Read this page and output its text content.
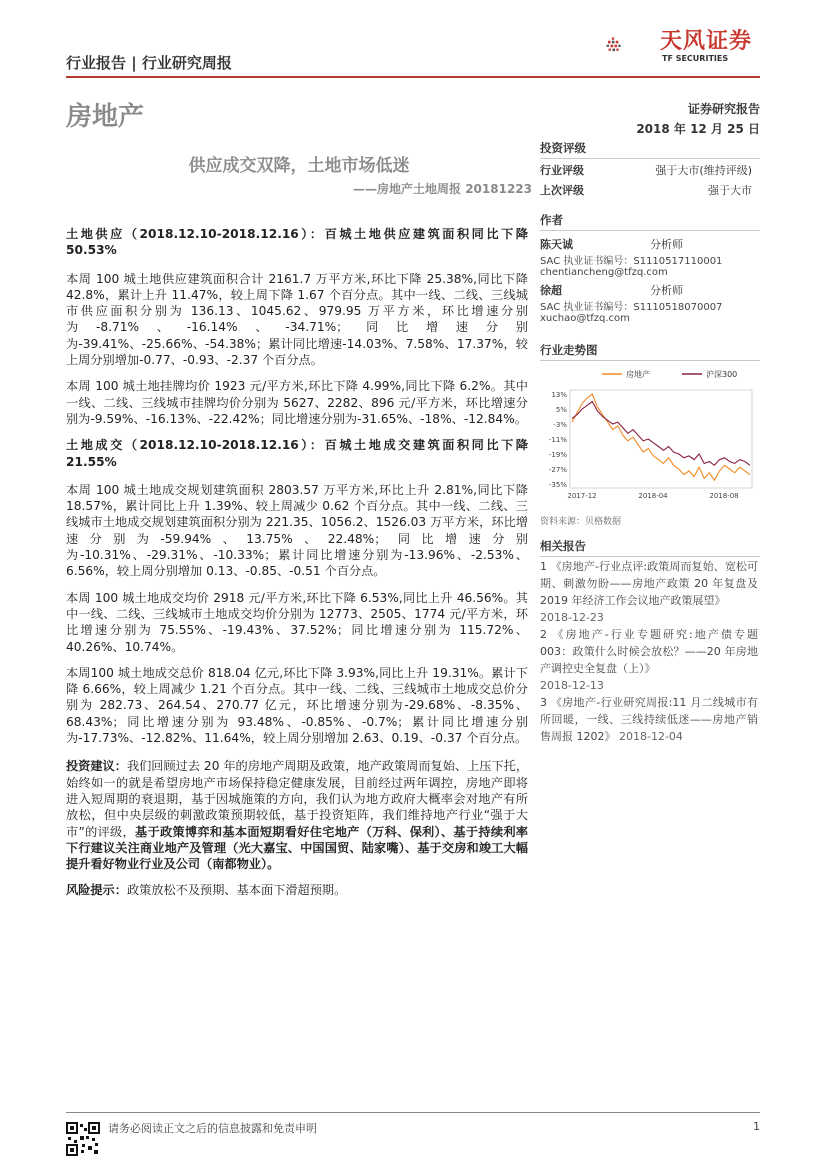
行业报告 | 行业研究周报
天风证券
TF SECURITIES
房地产	证券研究报告
2018 年 12 月 25 日
供应成交双降，土地市场低迷
——房地产土地周报 20181223

土地供应（2018.12.10-2018.12.16）：百城土地供应建筑面积同比下降 50.53%

本周 100 城土地供应建筑面积合计 2161.7 万平方米,环比下降 25.38%,同比下降 42.8%，累计上升 11.47%，较上周下降 1.67 个百分点。其中一线、二线、三线城市供应面积分别为 136.13、1045.62、979.95 万平方米，环比增速分别为-8.71%、-16.14%、-34.71%；同比增速分别为-39.41%、-25.66%、-54.38%；累计同比增速-14.03%、7.58%、17.37%，较上周分别增加-0.77、-0.93、-2.37 个百分点。

本周 100 城土地挂牌均价 1923 元/平方米,环比下降 4.99%,同比下降 6.2%。其中一线、二线、三线城市挂牌均价分别为 5627、2282、896 元/平方米，环比增速分别为-9.59%、-16.13%、-22.42%；同比增速分别为-31.65%、-18%、-12.84%。

土地成交（2018.12.10-2018.12.16）：百城土地成交建筑面积同比下降 21.55%

本周 100 城土地成交规划建筑面积 2803.57 万平方米,环比上升 2.81%,同比下降 18.57%，累计同比上升 1.39%、较上周减少 0.62 个百分点。其中一线、二线、三线城市土地成交规划建筑面积分别为 221.35、1056.2、1526.03 万平方米，环比增速分别为-59.94%、13.75%、22.48%；同比增速分别为-10.31%、-29.31%、-10.33%；累计同比增速分别为-13.96%、-2.53%、6.56%，较上周分别增加 0.13、-0.85、-0.51 个百分点。

本周 100 城土地成交均价 2918 元/平方米,环比下降 6.53%,同比上升 46.56%。其中一线、二线、三线城市土地成交均价分别为 12773、2505、1774 元/平方米，环比增速分别为 75.55%、-19.43%、37.52%；同比增速分别为 115.72%、40.26%、10.74%。

本周100 城土地成交总价 818.04 亿元,环比下降 3.93%,同比上升 19.31%。累计下降 6.66%，较上周减少 1.21 个百分点。其中一线、二线、三线城市土地成交总价分别为 282.73、264.54、270.77 亿元，环比增速分别为-29.68%、-8.35%、68.43%；同比增速分别为 93.48%、-0.85%、-0.7%；累计同比增速分别为-17.73%、-12.82%、11.64%，较上周分别增加 2.63、0.19、-0.37 个百分点。

投资建议：我们回顾过去 20 年的房地产周期及政策，地产政策周而复始、上压下托，始终如一的就是希望房地产市场保持稳定健康发展，目前经过两年调控，房地产即将进入短周期的衰退期，基于因城施策的方向，我们认为地方政府大概率会对地产有所放松，但中央层级的刺激政策预期较低，基于投资矩阵，我们维持地产行业“强于大市”的评级，基于政策博弈和基本面短期看好住宅地产（万科、保利）、基于持续利率下行建议关注商业地产及管理（光大嘉宝、中国国贸、陆家嘴）、基于交房和竣工大幅提升看好物业行业及公司（南都物业）。

风险提示：政策放松不及预期、基本面下滑超预期。

投资评级
行业评级	强于大市(维持评级)
上次评级	强于大市
作者
陈天诚	分析师
SAC 执业证书编号：S1110517110001
chentiancheng@tfzq.com
徐超	分析师
SAC 执业证书编号：S1110518070007
xuchao@tfzq.com
行业走势图
13%
5%
-3%
-11%
-19%
-27%
-35%
2017-12	2018-04	2018-08
房地产	沪深300
资料来源：贝格数据
相关报告
1 《房地产-行业点评:政策周而复始、宽松可期、刺激勿盼——房地产政策 20 年复盘及 2019 年经济工作会议地产政策展望》
2018-12-23
2 《房地产-行业专题研究:地产债专题 003：政策什么时候会放松？——20 年房地产调控史全复盘（上）》
2018-12-13
3 《房地产-行业研究周报:11 月二线城市有所回暖，一线、三线持续低迷——房地产销售周报 1202》 2018-12-04
请务必阅读正文之后的信息披露和免责申明	1
